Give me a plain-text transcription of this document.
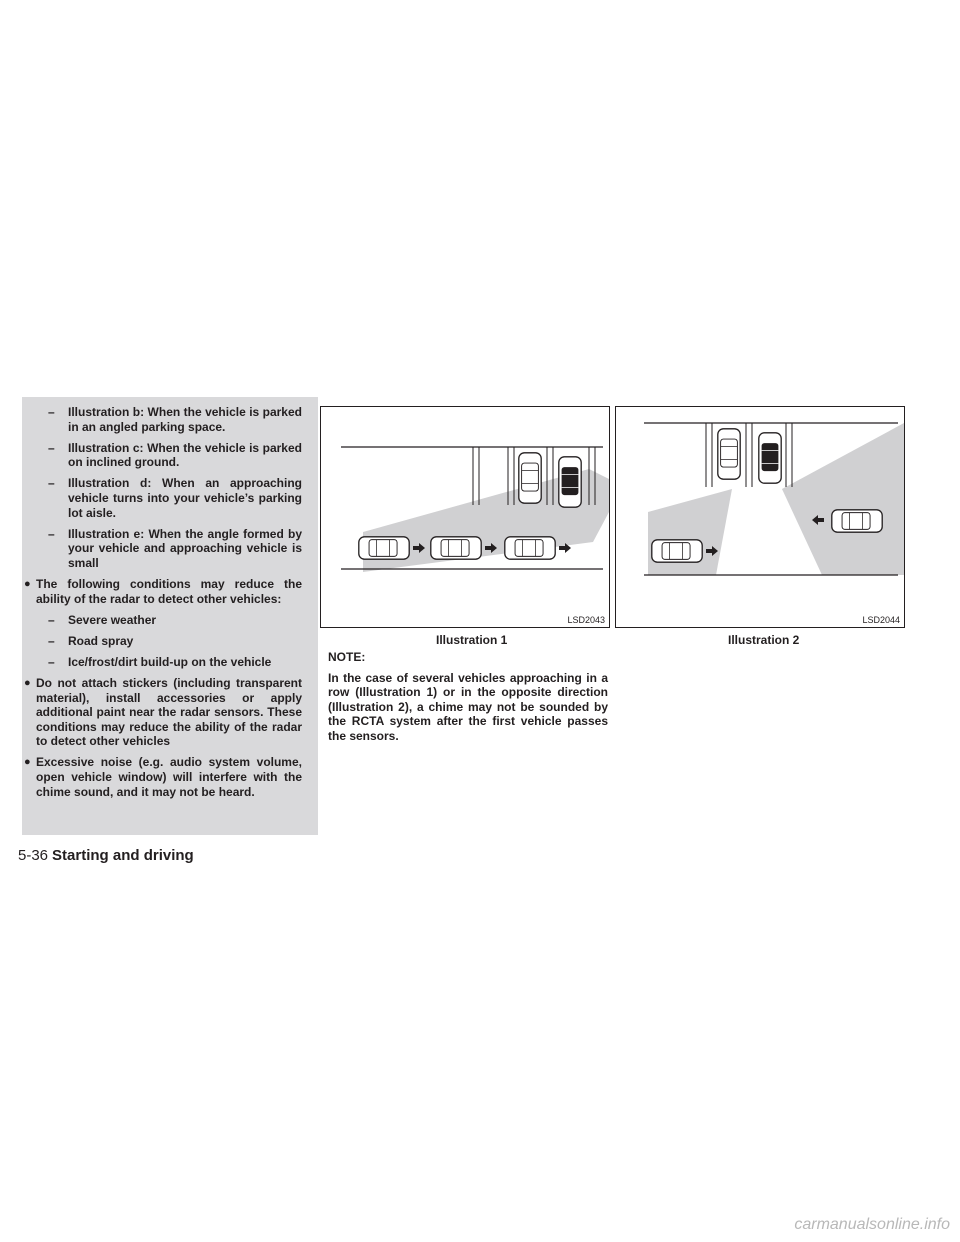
–	Illustration b: When the vehicle is parked in an angled parking space.
–	Illustration c: When the vehicle is parked on inclined ground.
–	Illustration d: When an approaching vehicle turns into your vehicle’s parking lot aisle.
–	Illustration e: When the angle formed by your vehicle and approaching vehicle is small
● The following conditions may reduce the ability of the radar to detect other vehicles:
–	Severe weather
–	Road spray
–	Ice/frost/dirt build-up on the vehicle
● Do not attach stickers (including transparent material), install accessories or apply additional paint near the radar sensors. These conditions may reduce the ability of the radar to detect other vehicles
● Excessive noise (e.g. audio system volume, open vehicle window) will interfere with the chime sound, and it may not be heard.
LSD2043
Illustration 1
LSD2044
Illustration 2

NOTE:

In the case of several vehicles approaching in a row (Illustration 1) or in the opposite direction (Illustration 2), a chime may not be sounded by the RCTA system after the first vehicle passes the sensors.

5-36 Starting and driving
carmanualsonline.info
